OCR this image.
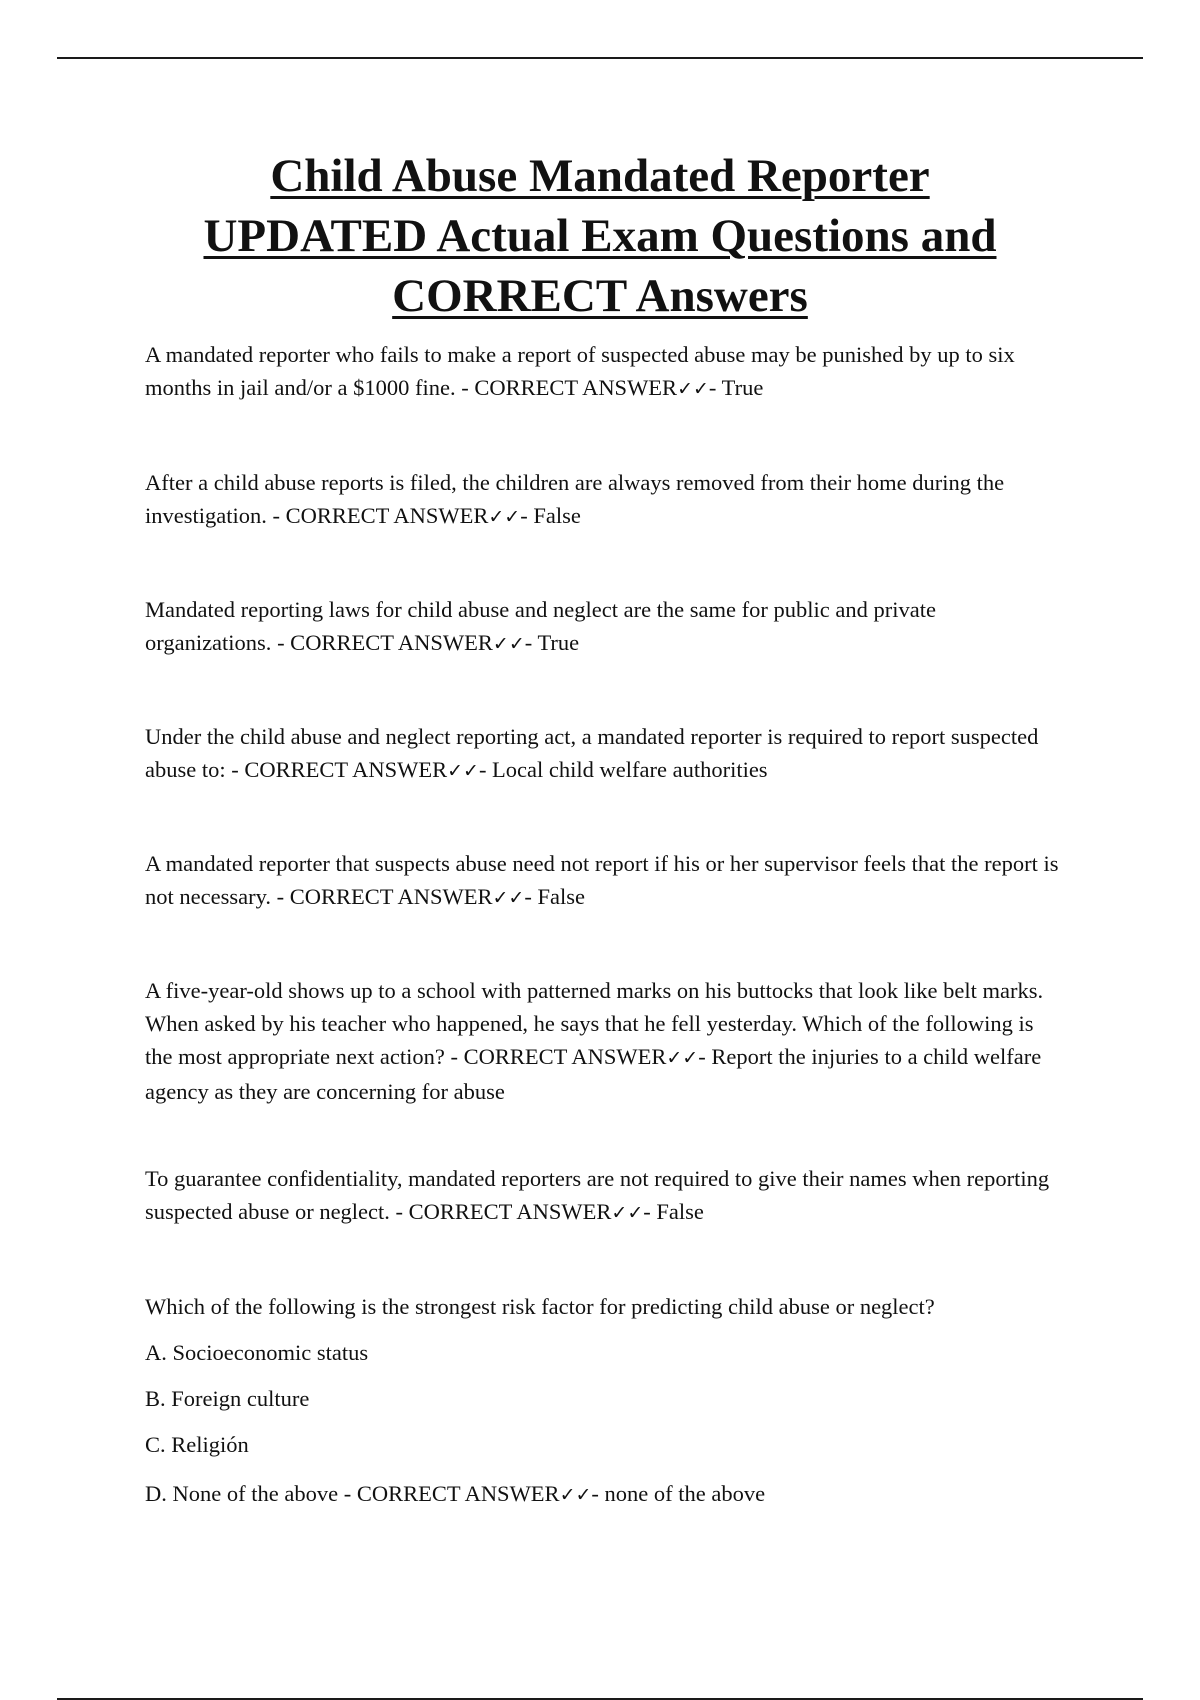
Child Abuse Mandated Reporter
UPDATED Actual Exam Questions and
CORRECT Answers

A mandated reporter who fails to make a report of suspected abuse may be punished by up to six months in jail and/or a $1000 fine. - CORRECT ANSWER✓✓- True

After a child abuse reports is filed, the children are always removed from their home during the investigation. - CORRECT ANSWER✓✓- False

Mandated reporting laws for child abuse and neglect are the same for public and private organizations. - CORRECT ANSWER✓✓- True

Under the child abuse and neglect reporting act, a mandated reporter is required to report suspected abuse to: - CORRECT ANSWER✓✓- Local child welfare authorities

A mandated reporter that suspects abuse need not report if his or her supervisor feels that the report is not necessary. - CORRECT ANSWER✓✓- False

A five-year-old shows up to a school with patterned marks on his buttocks that look like belt marks. When asked by his teacher who happened, he says that he fell yesterday. Which of the following is the most appropriate next action? - CORRECT ANSWER✓✓- Report the injuries to a child welfare agency as they are concerning for abuse

To guarantee confidentiality, mandated reporters are not required to give their names when reporting suspected abuse or neglect. - CORRECT ANSWER✓✓- False

Which of the following is the strongest risk factor for predicting child abuse or neglect?

A. Socioeconomic status

B. Foreign culture

C. Religión

D. None of the above - CORRECT ANSWER✓✓- none of the above
